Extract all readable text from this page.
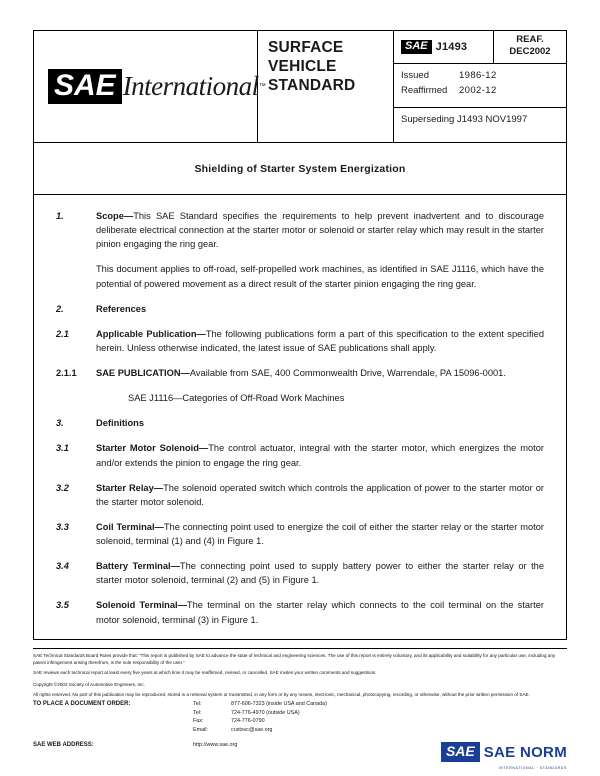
SAE International ™
SURFACE
VEHICLE
STANDARD
SAE J1493
REAF.
DEC2002
Issued	1986-12
Reaffirmed	2002-12
Superseding J1493 NOV1997
Shielding of Starter System Energization
1.	Scope—This SAE Standard specifies the requirements to help prevent inadvertent and to discourage deliberate electrical connection at the starter motor or solenoid or starter relay which may result in the starter pinion engaging the ring gear.
This document applies to off-road, self-propelled work machines, as identified in SAE J1116, which have the potential of powered movement as a direct result of the starter pinion engaging the ring gear.
2.	References
2.1	Applicable Publication—The following publications form a part of this specification to the extent specified herein. Unless otherwise indicated, the latest issue of SAE publications shall apply.
2.1.1	SAE PUBLICATION—Available from SAE, 400 Commonwealth Drive, Warrendale, PA 15096-0001.
SAE J1116—Categories of Off-Road Work Machines
3.	Definitions
3.1	Starter Motor Solenoid—The control actuator, integral with the starter motor, which energizes the motor and/or extends the pinion to engage the ring gear.
3.2	Starter Relay—The solenoid operated switch which controls the application of power to the starter motor or the starter motor solenoid.
3.3	Coil Terminal—The connecting point used to energize the coil of either the starter relay or the starter motor solenoid, terminal (1) and (4) in Figure 1.
3.4	Battery Terminal—The connecting point used to supply battery power to either the starter relay or the starter motor solenoid, terminal (2) and (5) in Figure 1.
3.5	Solenoid Terminal—The terminal on the starter relay which connects to the coil terminal on the starter motor solenoid, terminal (3) in Figure 1.

SAE Technical Standards Board Rules provide that: “This report is published by SAE to advance the state of technical and engineering sciences. The use of this report is entirely voluntary, and its applicability and suitability for any particular use, including any patent infringement arising therefrom, is the sole responsibility of the user.”

SAE reviews each technical report at least every five years at which time it may be reaffirmed, revised, or cancelled. SAE invites your written comments and suggestions.

Copyright ©2002 Society of Automotive Engineers, Inc.

All rights reserved. No part of this publication may be reproduced, stored in a retrieval system or transmitted, in any form or by any means, electronic, mechanical, photocopying, recording, or otherwise, without the prior written permission of SAE.

TO PLACE A DOCUMENT ORDER:	Tel:	877-606-7323 (inside USA and Canada)
Tel:	724-776-4970 (outside USA)
Fax:	724-776-0790
Email:	custsvc@sae.org
SAE WEB ADDRESS:	http://www.sae.org	SAE SAE NORM
INTERNATIONAL · STANDARDS
